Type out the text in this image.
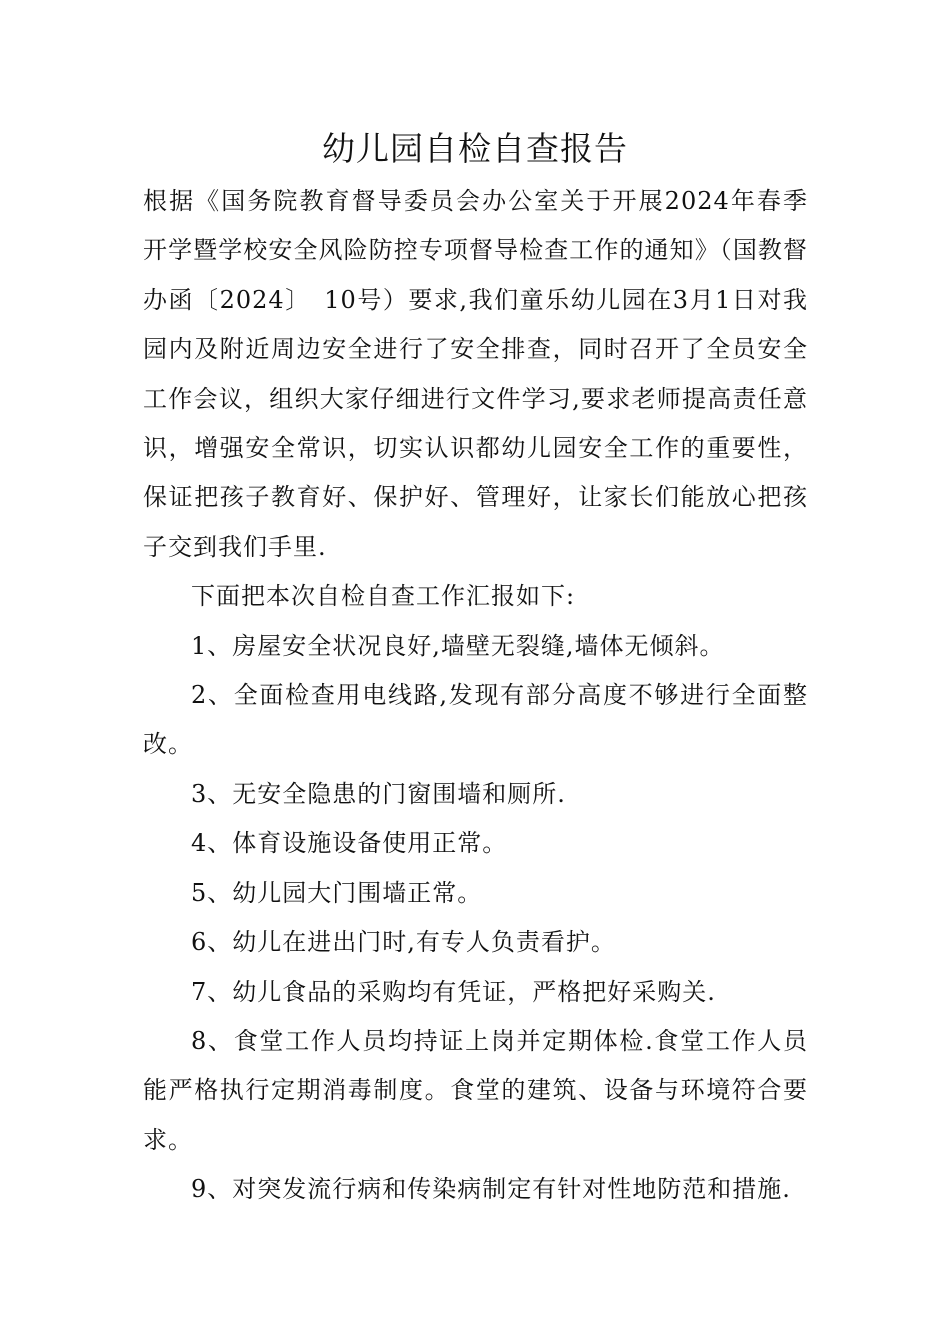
幼儿园自检自查报告

根据《国务院教育督导委员会办公室关于开展2024年春季开学暨学校安全风险防控专项督导检查工作的通知》（国教督办函〔2024〕　10号）要求,我们童乐幼儿园在3月1日对我园内及附近周边安全进行了安全排查，同时召开了全员安全工作会议，组织大家仔细进行文件学习,要求老师提高责任意识，增强安全常识，切实认识都幼儿园安全工作的重要性，保证把孩子教育好、保护好、管理好，让家长们能放心把孩子交到我们手里.

下面把本次自检自查工作汇报如下:

1、房屋安全状况良好,墙壁无裂缝,墙体无倾斜。

2、全面检查用电线路,发现有部分高度不够进行全面整改。

3、无安全隐患的门窗围墙和厕所.

4、体育设施设备使用正常。

5、幼儿园大门围墙正常。

6、幼儿在进出门时,有专人负责看护。

7、幼儿食品的采购均有凭证，严格把好采购关.

8、食堂工作人员均持证上岗并定期体检.食堂工作人员能严格执行定期消毒制度。食堂的建筑、设备与环境符合要求。

9、对突发流行病和传染病制定有针对性地防范和措施.
